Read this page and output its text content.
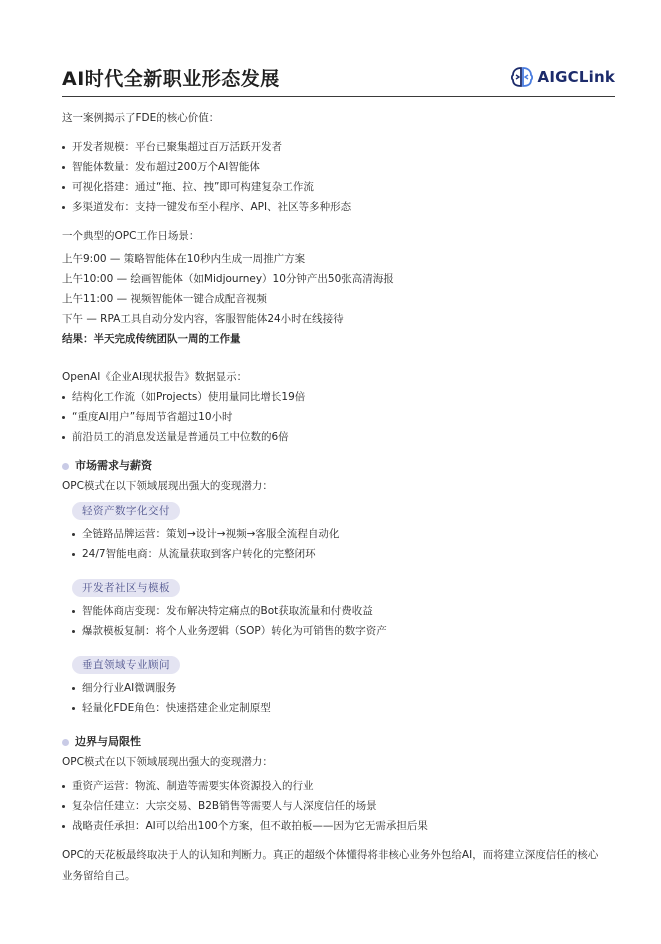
AI时代全新职业形态发展	AIGCLink

这一案例揭示了FDE的核心价值：

开发者规模：平台已聚集超过百万活跃开发者
智能体数量：发布超过200万个AI智能体
可视化搭建：通过“拖、拉、拽”即可构建复杂工作流
多渠道发布：支持一键发布至小程序、API、社区等多种形态

一个典型的OPC工作日场景：

上午9:00 — 策略智能体在10秒内生成一周推广方案

上午10:00 — 绘画智能体（如Midjourney）10分钟产出50张高清海报

上午11:00 — 视频智能体一键合成配音视频

下午 — RPA工具自动分发内容，客服智能体24小时在线接待

结果：半天完成传统团队一周的工作量

OpenAI《企业AI现状报告》数据显示：

结构化工作流（如Projects）使用量同比增长19倍
“重度AI用户”每周节省超过10小时
前沿员工的消息发送量是普通员工中位数的6倍
市场需求与薪资

OPC模式在以下领域展现出强大的变现潜力：

轻资产数字化交付
全链路品牌运营：策划→设计→视频→客服全流程自动化
24/7智能电商：从流量获取到客户转化的完整闭环
开发者社区与模板
智能体商店变现：发布解决特定痛点的Bot获取流量和付费收益
爆款模板复制：将个人业务逻辑（SOP）转化为可销售的数字资产
垂直领域专业顾问
细分行业AI微调服务
轻量化FDE角色：快速搭建企业定制原型
边界与局限性

OPC模式在以下领域展现出强大的变现潜力：

重资产运营：物流、制造等需要实体资源投入的行业
复杂信任建立：大宗交易、B2B销售等需要人与人深度信任的场景
战略责任承担：AI可以给出100个方案，但不敢拍板——因为它无需承担后果

OPC的天花板最终取决于人的认知和判断力。真正的超级个体懂得将非核心业务外包给AI，而将建立深度信任的核心业务留给自己。
